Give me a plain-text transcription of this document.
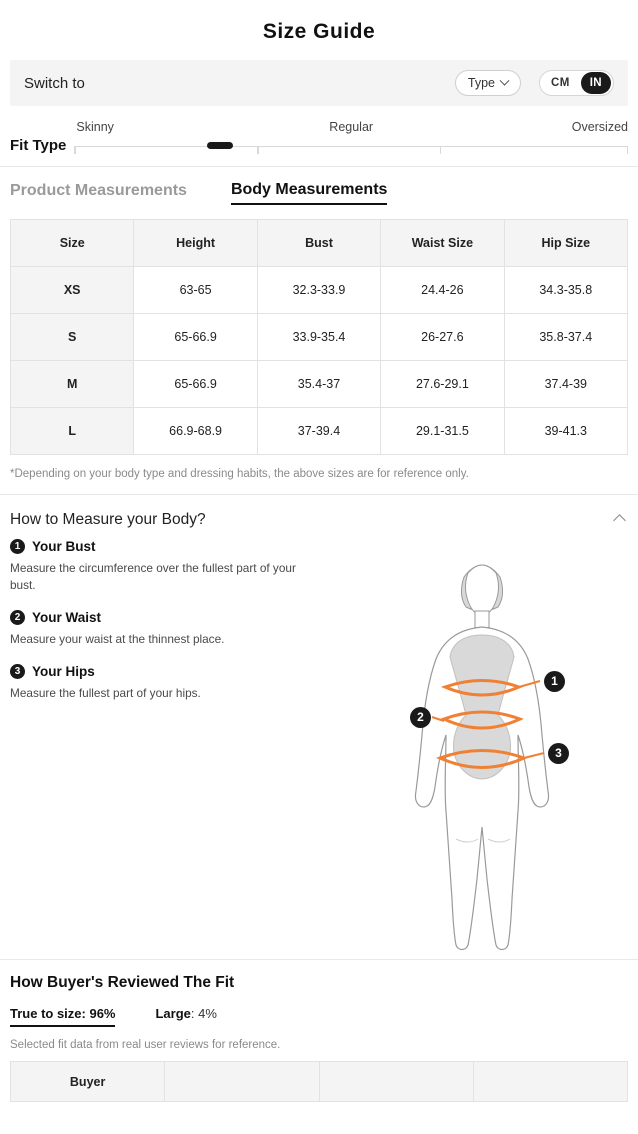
Size Guide
Switch to	Type	CM	IN
Fit Type
Skinny	Regular	Oversized
Product Measurements	Body Measurements
Size	Height	Bust	Waist Size	Hip Size
XS	63-65	32.3-33.9	24.4-26	34.3-35.8
S	65-66.9	33.9-35.4	26-27.6	35.8-37.4
M	65-66.9	35.4-37	27.6-29.1	37.4-39
L	66.9-68.9	37-39.4	29.1-31.5	39-41.3
*Depending on your body type and dressing habits, the above sizes are for reference only.
How to Measure your Body?
1 Your Bust
Measure the circumference over the fullest part of your bust.
2 Your Waist
Measure your waist at the thinnest place.
3 Your Hips
Measure the fullest part of your hips.
1
2
3
How Buyer's Reviewed The Fit
True to size: 96%	Large: 4%
Selected fit data from real user reviews for reference.
Buyer			
